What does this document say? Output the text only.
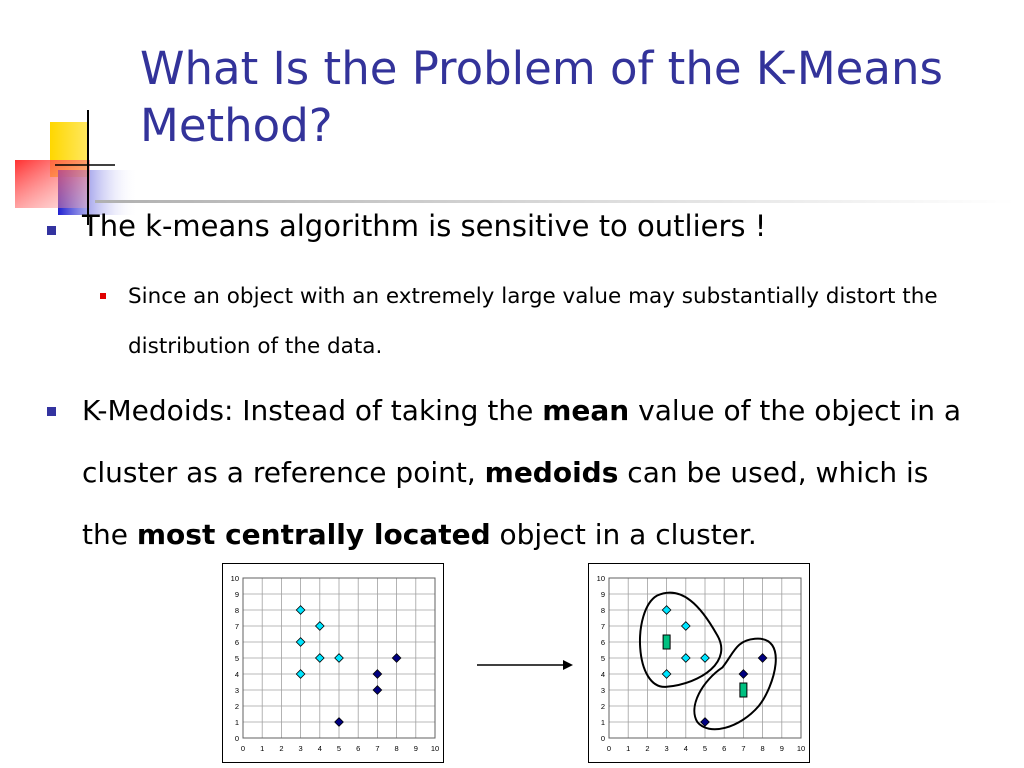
What Is the Problem of the K-Means Method?
The k-means algorithm is sensitive to outliers !
Since an object with an extremely large value may substantially distort the distribution of the data.
K-Medoids: Instead of taking the mean value of the object in a cluster as a reference point, medoids can be used, which is the most centrally located object in a cluster.
0
0
1
1
2
2
3
3
4
4
5
5
6
6
7
7
8
8
9
9
10
10
0
0
1
1
2
2
3
3
4
4
5
5
6
6
7
7
8
8
9
9
10
10
